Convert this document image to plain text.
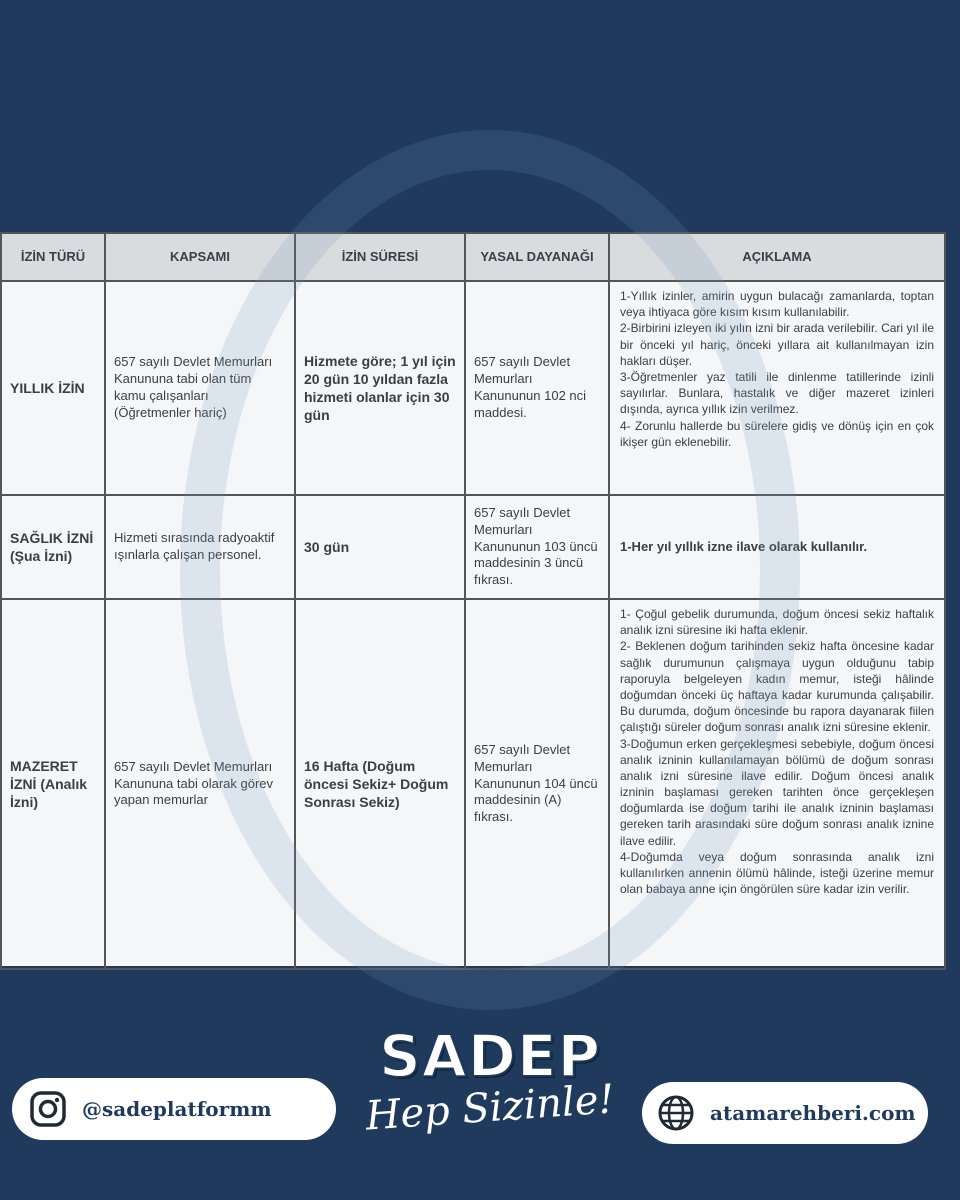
İZİN TÜRÜ	KAPSAMI	İZİN SÜRESİ	YASAL DAYANAĞI	AÇIKLAMA
YILLIK İZİN	657 sayılı Devlet Memurları Kanununa tabi olan tüm kamu çalışanları (Öğretmenler hariç)	Hizmete göre; 1 yıl için 20 gün 10 yıldan fazla hizmeti olanlar için 30 gün	657 sayılı Devlet Memurları Kanununun 102 nci maddesi.	1-Yıllık izinler, amirin uygun bulacağı zamanlarda, toptan veya ihtiyaca göre kısım kısım kullanılabilir.

2-Birbirini izleyen iki yılın izni bir arada verilebilir. Cari yıl ile bir önceki yıl hariç, önceki yıllara ait kullanılmayan izin hakları düşer.

3-Öğretmenler yaz tatili ile dinlenme tatillerinde izinli sayılırlar. Bunlara, hastalık ve diğer mazeret izinleri dışında, ayrıca yıllık izin verilmez.

4- Zorunlu hallerde bu sürelere gidiş ve dönüş için en çok ikişer gün eklenebilir.

SAĞLIK İZNİ (Şua İzni)	Hizmeti sırasında radyoaktif ışınlarla çalışan personel.	30 gün	657 sayılı Devlet Memurları Kanununun 103 üncü maddesinin 3 üncü fıkrası.	1-Her yıl yıllık izne ilave olarak kullanılır.

MAZERET İZNİ (Analık İzni)	657 sayılı Devlet Memurları Kanununa tabi olarak görev yapan memurlar	16 Hafta (Doğum öncesi Sekiz+ Doğum Sonrası Sekiz)	657 sayılı Devlet Memurları Kanununun 104 üncü maddesinin (A) fıkrası.	1- Çoğul gebelik durumunda, doğum öncesi sekiz haftalık analık izni süresine iki hafta eklenir.

2- Beklenen doğum tarihinden sekiz hafta öncesine kadar sağlık durumunun çalışmaya uygun olduğunu tabip raporuyla belgeleyen kadın memur, isteği hâlinde doğumdan önceki üç haftaya kadar kurumunda çalışabilir. Bu durumda, doğum öncesinde bu rapora dayanarak fiilen çalıştığı süreler doğum sonrası analık izni süresine eklenir.

3-Doğumun erken gerçekleşmesi sebebiyle, doğum öncesi analık izninin kullanılamayan bölümü de doğum sonrası analık izni süresine ilave edilir. Doğum öncesi analık izninin başlaması gereken tarihten önce gerçekleşen doğumlarda ise doğum tarihi ile analık izninin başlaması gereken tarih arasındaki süre doğum sonrası analık iznine ilave edilir.

4-Doğumda veya doğum sonrasında analık izni kullanılırken annenin ölümü hâlinde, isteği üzerine memur olan babaya anne için öngörülen süre kadar izin verilir.

SADEP
Hep Sizinle!
@sadeplatformm	atamarehberi.com
